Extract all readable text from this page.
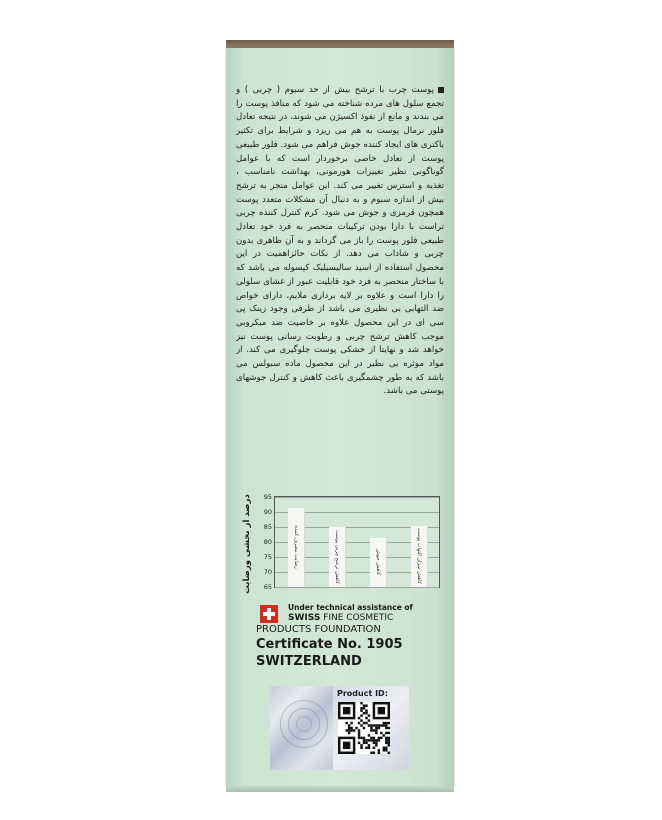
پوست چرب با ترشح بیش از حد سبوم ( چربی ) و تجمع سلول های مرده شناخته می شود که منافذ پوست را می بندند و مانع از نفوذ اکسیژن می شوند، در نتیجه تعادل فلور نرمال پوست به هم می ریزد و شرایط برای تکثیر باکتری های ایجاد کننده جوش فراهم می شود. فلور طبیعی پوست از تعادل خاصی برخوردار است که با عوامل گوناگونی نظیر تغییرات هورمونی، بهداشت نامناسب ، تغذیه و استرس تغییر می کند. این عوامل منجر به ترشح بیش از اندازه سبوم و به دنبال آن مشکلات متعدد پوست همچون قرمزی و جوش می شود. کرم کنترل کننده چربی تراست با دارا بودن ترکیبات منحصر به فرد خود تعادل طبیعی فلور پوست را باز می گرداند و به آن ظاهری بدون چربی و شاداب می دهد. از نکات حائزاهمیت در این محصول استفاده از اسید سالیسیلیک کپسوله می باشد که با ساختار منحصر به فرد خود قابلیت عبور از غشای سلولی را دارا است و علاوه بر لایه برداری ملایم، دارای خواص ضد التهابی بی نظیری می باشد از طرفی وجود زینک پی سی ای در این محصول علاوه بر خاصیت ضد میکروبی موجب کاهش ترشح چربی و رطوبت رسانی پوست نیز خواهد شد و نهایتا از خشکی پوست جلوگیری می کند. از مواد موثره بی نظیر در این محصول ماده سبولس می باشد که به طور چشمگیری باعث کاهش و کنترل جوشهای پوستی می باشد.
درصد از بخشی ورضایت 95
90
85
80
75
70
65
رضایت مصرف کننده	کاهش ترشح چربی پوست	کاهش جوش	کاهش میزان التهاب پوست
Under technical assistance of
SWISS FINE COSMETIC
PRODUCTS FOUNDATION
Certificate No. 1905
SWITZERLAND
Product ID:
